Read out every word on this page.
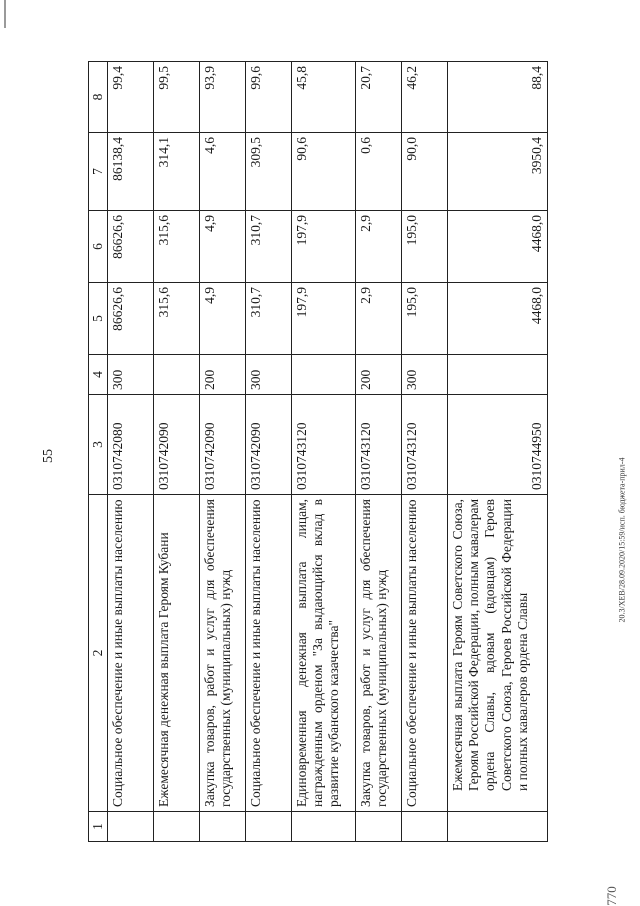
55
20.3/XEB/28.09.2020/15:59/исп. бюджета-прил-4
770
1	2	3	4	5	6	7	8
	Социальное обеспечение и иные выплаты населению	0310742080	300	86626,6	86626,6	86138,4	99,4
	Ежемесячная денежная выплата Героям Кубани	0310742090		315,6	315,6	314,1	99,5
	Закупка товаров, работ и услуг для обеспечения государственных (муниципальных) нужд	0310742090	200	4,9	4,9	4,6	93,9
	Социальное обеспечение и иные выплаты населению	0310742090	300	310,7	310,7	309,5	99,6
	Единовременная денежная выплата лицам, награжденным орденом "За выдающийся вклад в развитие кубанского казачества"	0310743120		197,9	197,9	90,6	45,8
	Закупка товаров, работ и услуг для обеспечения государственных (муниципальных) нужд	0310743120	200	2,9	2,9	0,6	20,7
	Социальное обеспечение и иные выплаты населению	0310743120	300	195,0	195,0	90,0	46,2
	Ежемесячная выплата Героям Советского Союза, Героям Российской Федерации, полным кавалерам ордена Славы, вдовам (вдовцам) Героев Советского Союза, Героев Российской Федерации и полных кавалеров ордена Славы	0310744950		4468,0	4468,0	3950,4	88,4
